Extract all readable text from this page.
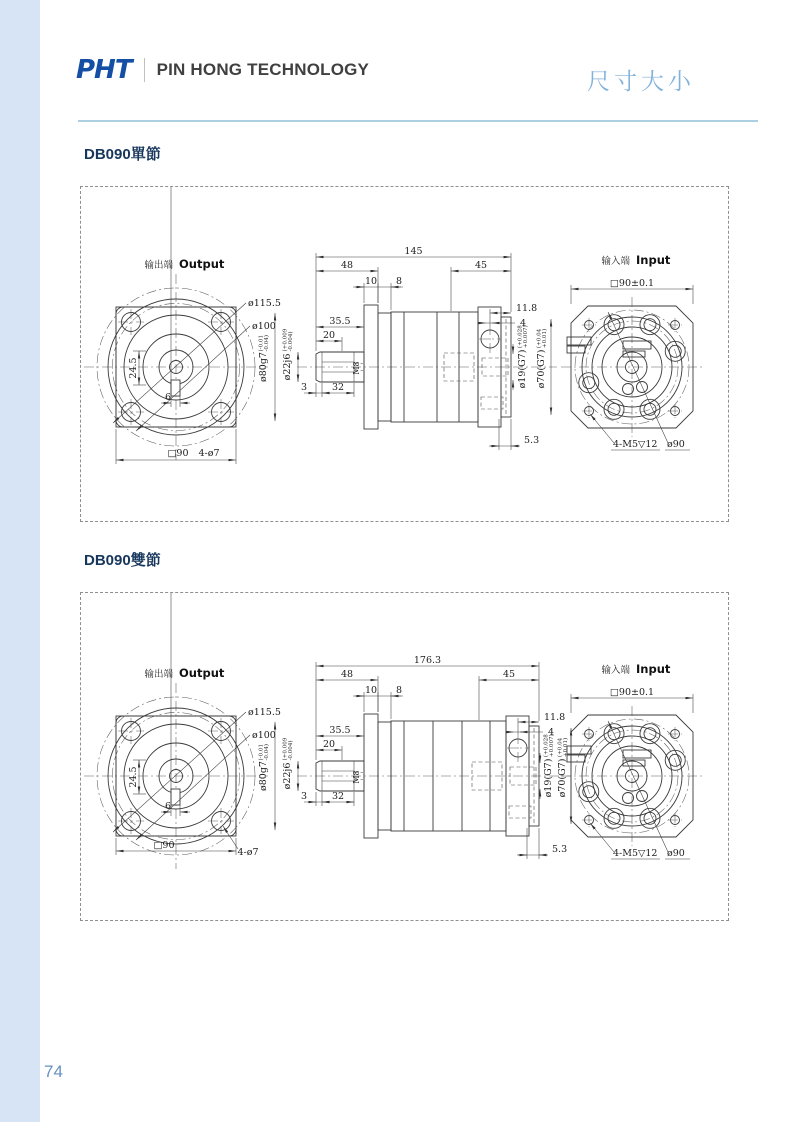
PHT PIN HONG TECHNOLOGY	尺寸大小
DB090單節
输出端 Output
ø115.5
ø100
24.5
6
□90 4-ø7
M8
145
48	45
10 8
35.5
20
3	32
11.8
4
5.3
ø80g7
(-0.01 -0.04)
ø22j6
(+0.009 -0.004)
ø19(G7)
(+0.028 +0.007)
ø70(G7)
(+0.04 +0.01)
输入端 Input
□90±0.1
4-M5▽12 ø90
DB090雙節
输出端 Output
ø115.5
ø100
24.5
6
□90
4-ø7
M8
176.3
48	45
10 8
35.5
20
3	32
11.8
4
5.3
ø80g7
(-0.01 -0.04)
ø22j6
(+0.009 -0.004)
ø19(G7)
(+0.028 +0.007)
ø70(G7)
(+0.04 +0.01)
输入端 Input
□90±0.1
4-M5▽12 ø90
74
